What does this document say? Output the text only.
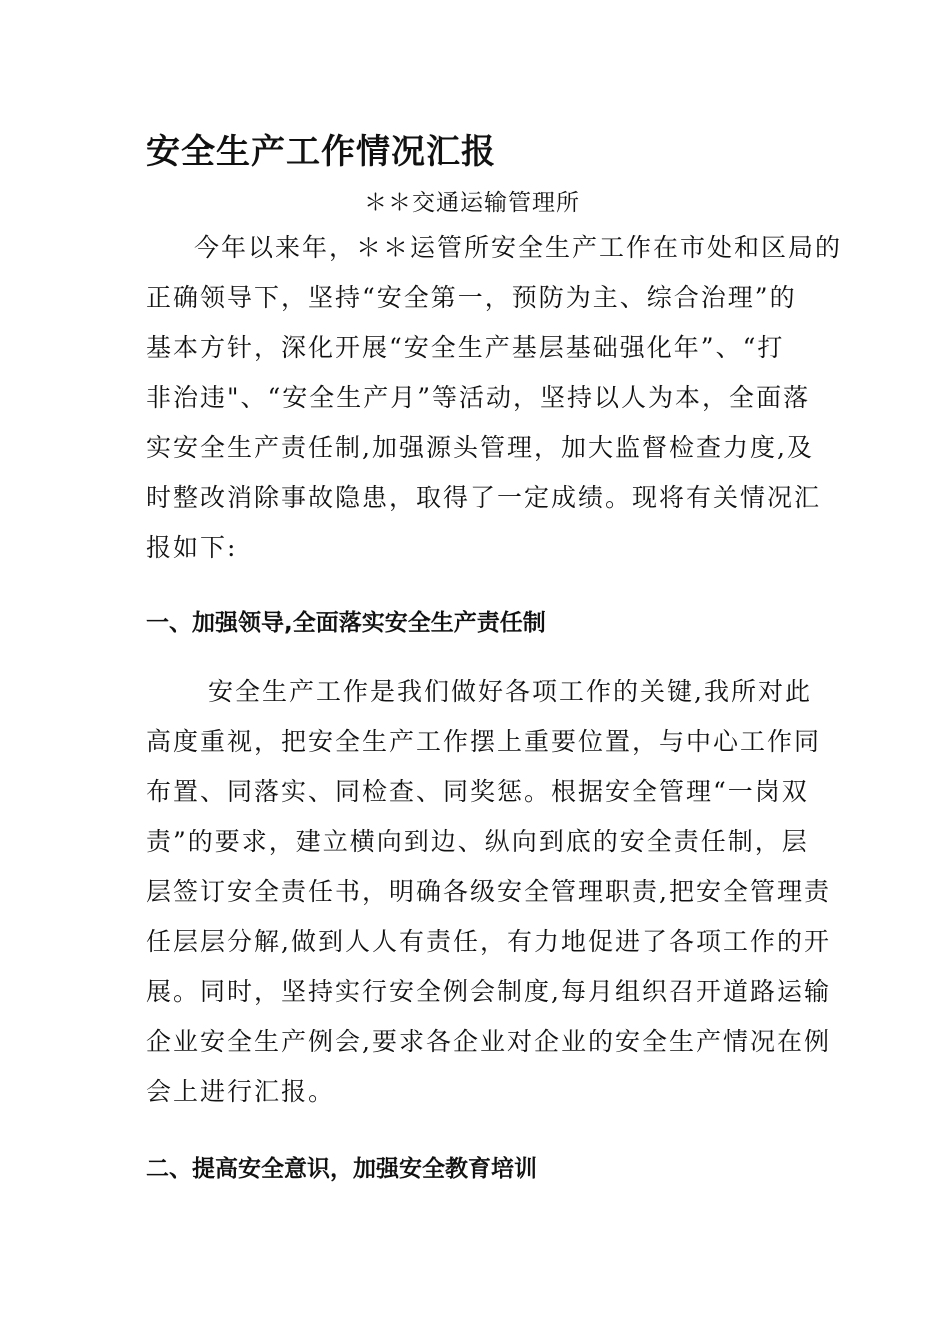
安全生产工作情况汇报

＊＊交通运输管理所

今年以来年，＊＊运管所安全生产工作在市处和区局的

正确领导下，坚持“安全第一，预防为主、综合治理”的

基本方针，深化开展“安全生产基层基础强化年”、“打

非治违"、“安全生产月”等活动，坚持以人为本，全面落

实安全生产责任制,加强源头管理，加大监督检查力度,及

时整改消除事故隐患，取得了一定成绩。现将有关情况汇

报如下:

一、加强领导,全面落实安全生产责任制

安全生产工作是我们做好各项工作的关键,我所对此

高度重视，把安全生产工作摆上重要位置，与中心工作同

布置、同落实、同检查、同奖惩。根据安全管理“一岗双

责”的要求，建立横向到边、纵向到底的安全责任制，层

层签订安全责任书，明确各级安全管理职责,把安全管理责

任层层分解,做到人人有责任，有力地促进了各项工作的开

展。同时，坚持实行安全例会制度,每月组织召开道路运输

企业安全生产例会,要求各企业对企业的安全生产情况在例

会上进行汇报。

二、提高安全意识，加强安全教育培训
